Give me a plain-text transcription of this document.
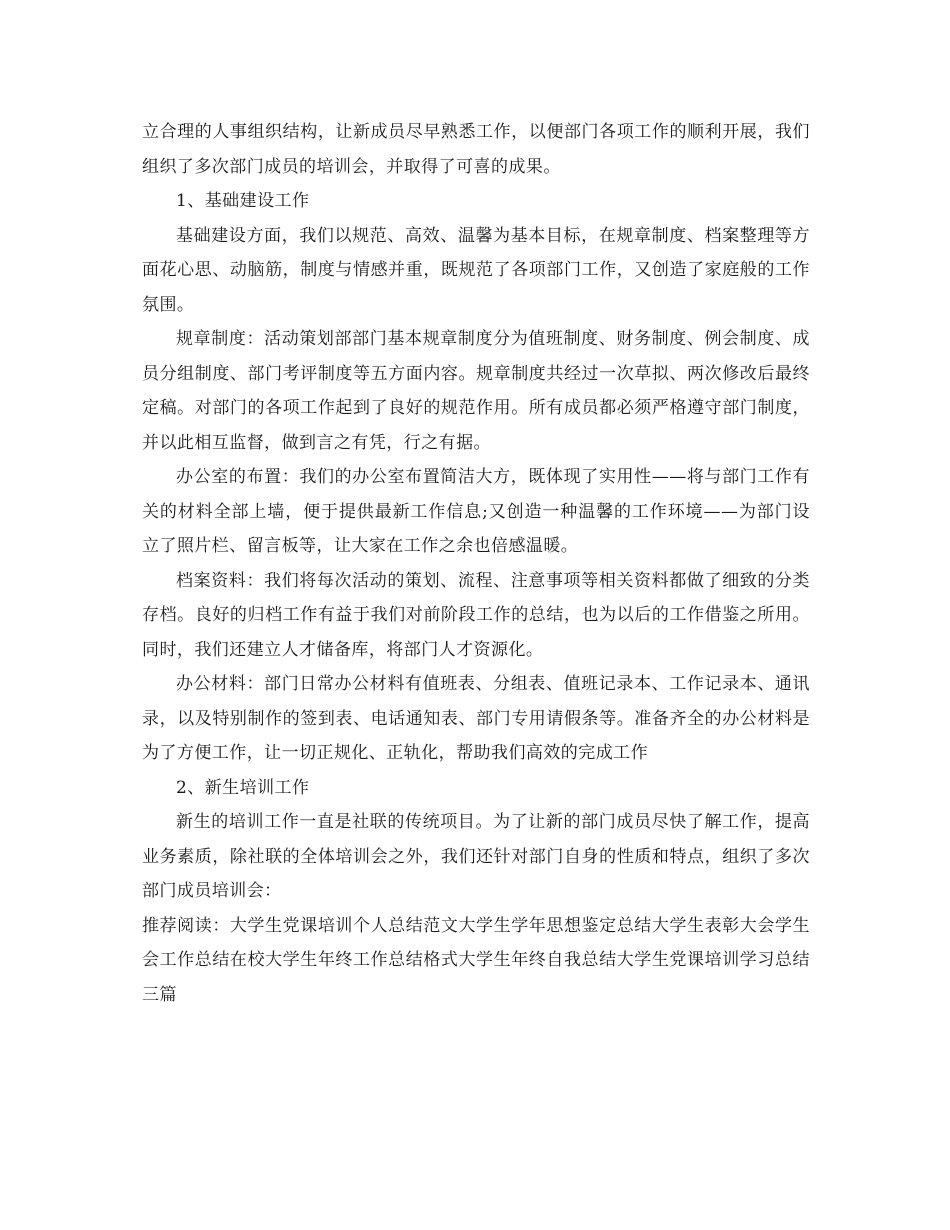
立合理的人事组织结构，让新成员尽早熟悉工作，以便部门各项工作的顺利开展，我们组织了多次部门成员的培训会，并取得了可喜的成果。

1、基础建设工作

基础建设方面，我们以规范、高效、温馨为基本目标，在规章制度、档案整理等方面花心思、动脑筋，制度与情感并重，既规范了各项部门工作，又创造了家庭般的工作氛围。

规章制度：活动策划部部门基本规章制度分为值班制度、财务制度、例会制度、成员分组制度、部门考评制度等五方面内容。规章制度共经过一次草拟、两次修改后最终定稿。对部门的各项工作起到了良好的规范作用。所有成员都必须严格遵守部门制度，并以此相互监督，做到言之有凭，行之有据。

办公室的布置：我们的办公室布置简洁大方，既体现了实用性——将与部门工作有关的材料全部上墙，便于提供最新工作信息;又创造一种温馨的工作环境——为部门设立了照片栏、留言板等，让大家在工作之余也倍感温暖。

档案资料：我们将每次活动的策划、流程、注意事项等相关资料都做了细致的分类存档。良好的归档工作有益于我们对前阶段工作的总结，也为以后的工作借鉴之所用。同时，我们还建立人才储备库，将部门人才资源化。

办公材料：部门日常办公材料有值班表、分组表、值班记录本、工作记录本、通讯录，以及特别制作的签到表、电话通知表、部门专用请假条等。准备齐全的办公材料是为了方便工作，让一切正规化、正轨化，帮助我们高效的完成工作

2、新生培训工作

新生的培训工作一直是社联的传统项目。为了让新的部门成员尽快了解工作，提高业务素质，除社联的全体培训会之外，我们还针对部门自身的性质和特点，组织了多次部门成员培训会：

推荐阅读：大学生党课培训个人总结范文大学生学年思想鉴定总结大学生表彰大会学生会工作总结在校大学生年终工作总结格式大学生年终自我总结大学生党课培训学习总结三篇
